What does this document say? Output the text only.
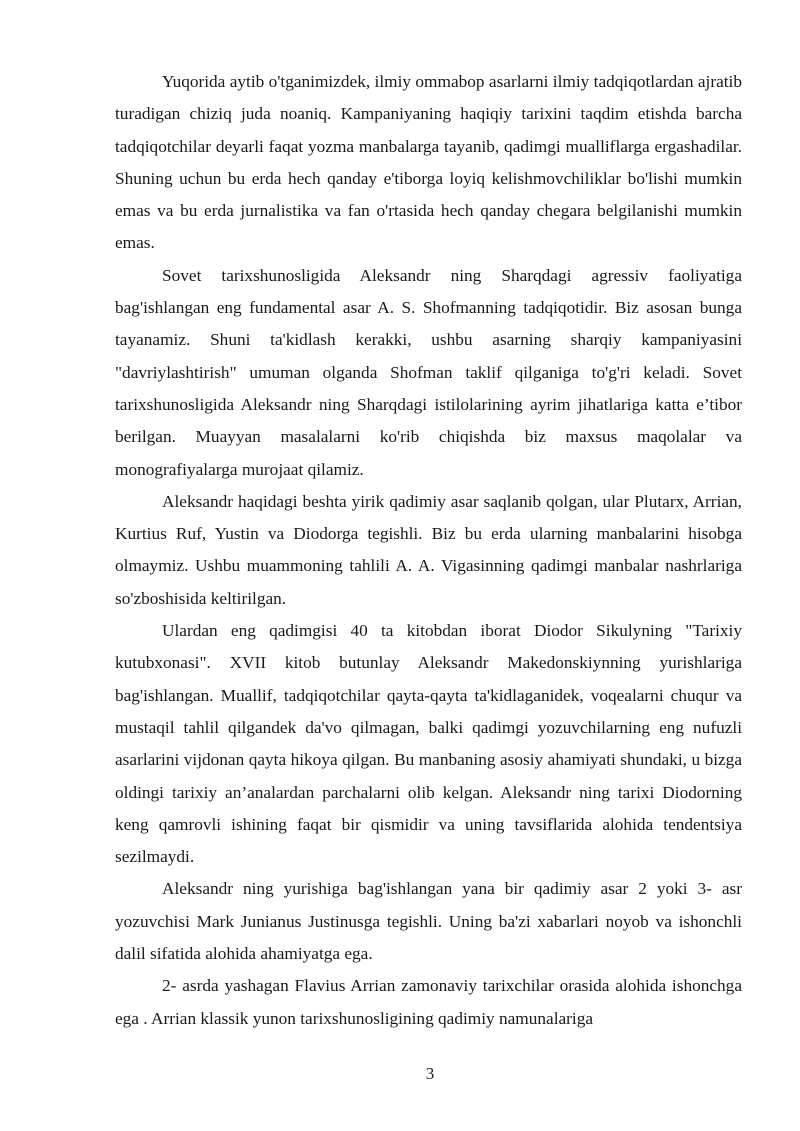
Yuqorida aytib o'tganimizdek, ilmiy ommabop asarlarni ilmiy tadqiqotlardan ajratib turadigan chiziq juda noaniq. Kampaniyaning haqiqiy tarixini taqdim etishda barcha tadqiqotchilar deyarli faqat yozma manbalarga tayanib, qadimgi mualliflarga ergashadilar. Shuning uchun bu erda hech qanday e'tiborga loyiq kelishmovchiliklar bo'lishi mumkin emas va bu erda jurnalistika va fan o'rtasida hech qanday chegara belgilanishi mumkin emas.

Sovet tarixshunosligida Aleksandr ning Sharqdagi agressiv faoliyatiga bag'ishlangan eng fundamental asar A. S. Shofmanning tadqiqotidir. Biz asosan bunga tayanamiz. Shuni ta'kidlash kerakki, ushbu asarning sharqiy kampaniyasini "davriylashtirish" umuman olganda Shofman taklif qilganiga to'g'ri keladi. Sovet tarixshunosligida Aleksandr ning Sharqdagi istilolarining ayrim jihatlariga katta e’tibor berilgan. Muayyan masalalarni ko'rib chiqishda biz maxsus maqolalar va monografiyalarga murojaat qilamiz.

Aleksandr haqidagi beshta yirik qadimiy asar saqlanib qolgan, ular Plutarx, Arrian, Kurtius Ruf, Yustin va Diodorga tegishli. Biz bu erda ularning manbalarini hisobga olmaymiz. Ushbu muammoning tahlili A. A. Vigasinning qadimgi manbalar nashrlariga so'zboshisida keltirilgan.

Ulardan eng qadimgisi 40 ta kitobdan iborat Diodor Sikulyning "Tarixiy kutubxonasi". XVII kitob butunlay Aleksandr Makedonskiynning yurishlariga bag'ishlangan. Muallif, tadqiqotchilar qayta-qayta ta'kidlaganidek, voqealarni chuqur va mustaqil tahlil qilgandek da'vo qilmagan, balki qadimgi yozuvchilarning eng nufuzli asarlarini vijdonan qayta hikoya qilgan. Bu manbaning asosiy ahamiyati shundaki, u bizga oldingi tarixiy an’analardan parchalarni olib kelgan. Aleksandr ning tarixi Diodorning keng qamrovli ishining faqat bir qismidir va uning tavsiflarida alohida tendentsiya sezilmaydi.

Aleksandr ning yurishiga bag'ishlangan yana bir qadimiy asar 2 yoki 3- asr yozuvchisi Mark Junianus Justinusga tegishli. Uning ba'zi xabarlari noyob va ishonchli dalil sifatida alohida ahamiyatga ega.

2- asrda yashagan Flavius Arrian zamonaviy tarixchilar orasida alohida ishonchga ega . Arrian klassik yunon tarixshunosligining qadimiy namunalariga

3
